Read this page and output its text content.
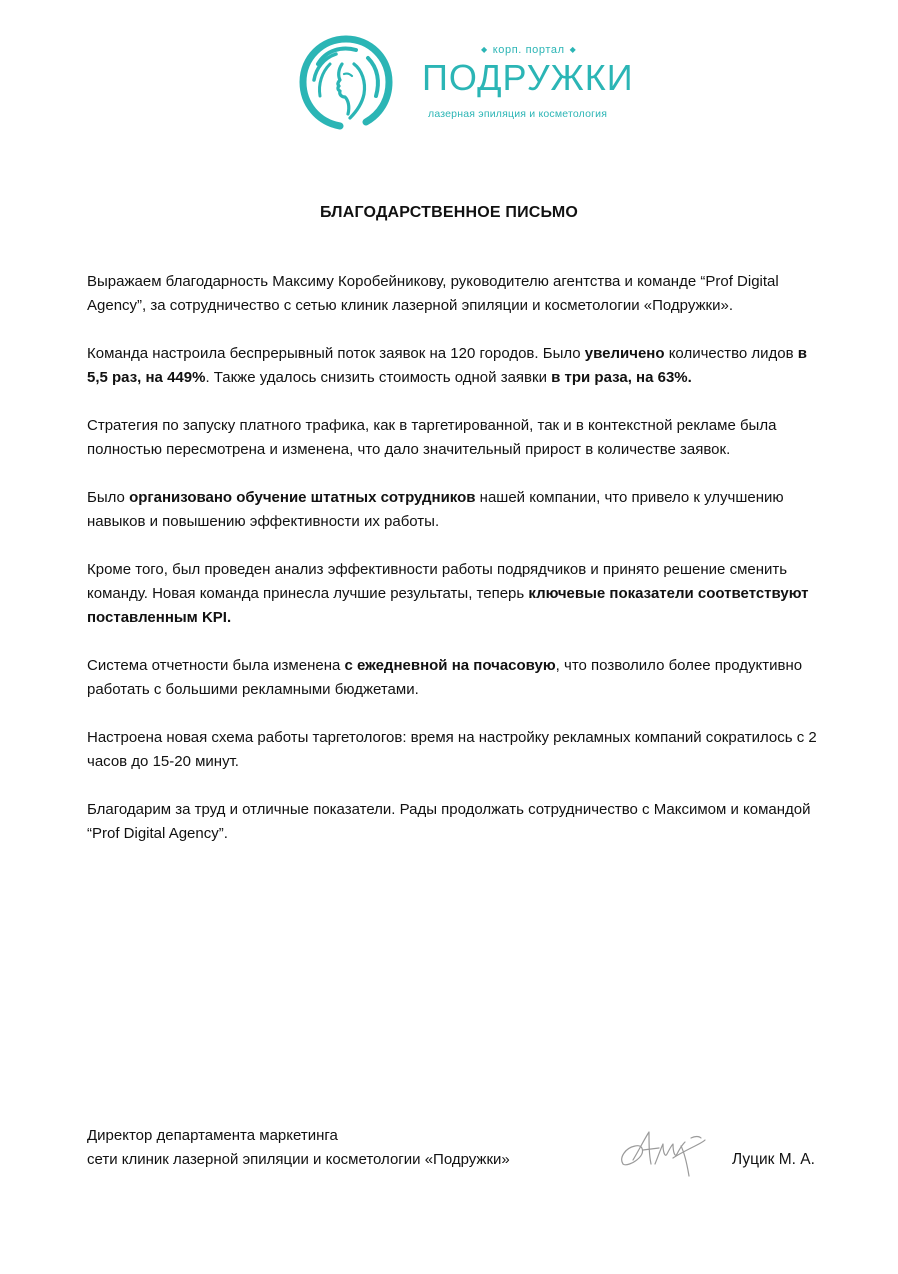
◆ корп. портал ◆
ПОДРУЖКИ
лазерная эпиляция и косметология
БЛАГОДАРСТВЕННОЕ ПИСЬМО

Выражаем благодарность Максиму Коробейникову, руководителю агентства и команде “Prof Digital Agency”, за сотрудничество с сетью клиник лазерной эпиляции и косметологии «Подружки».

Команда настроила беспрерывный поток заявок на 120 городов. Было увеличено количество лидов в 5,5 раз, на 449%. Также удалось снизить стоимость одной заявки в три раза, на 63%.

Стратегия по запуску платного трафика, как в таргетированной, так и в контекстной рекламе была полностью пересмотрена и изменена, что дало значительный прирост в количестве заявок.

Было организовано обучение штатных сотрудников нашей компании, что привело к улучшению навыков и повышению эффективности их работы.

Кроме того, был проведен анализ эффективности работы подрядчиков и принято решение сменить команду. Новая команда принесла лучшие результаты, теперь ключевые показатели соответствуют поставленным KPI.

Система отчетности была изменена с ежедневной на почасовую, что позволило более продуктивно работать с большими рекламными бюджетами.

Настроена новая схема работы таргетологов: время на настройку рекламных компаний сократилось с 2 часов до 15-20 минут.

Благодарим за труд и отличные показатели. Рады продолжать сотрудничество с Максимом и командой “Prof Digital Agency”.

Директор департамента маркетинга
сети клиник лазерной эпиляции и косметологии «Подружки»	Луцик М. А.
